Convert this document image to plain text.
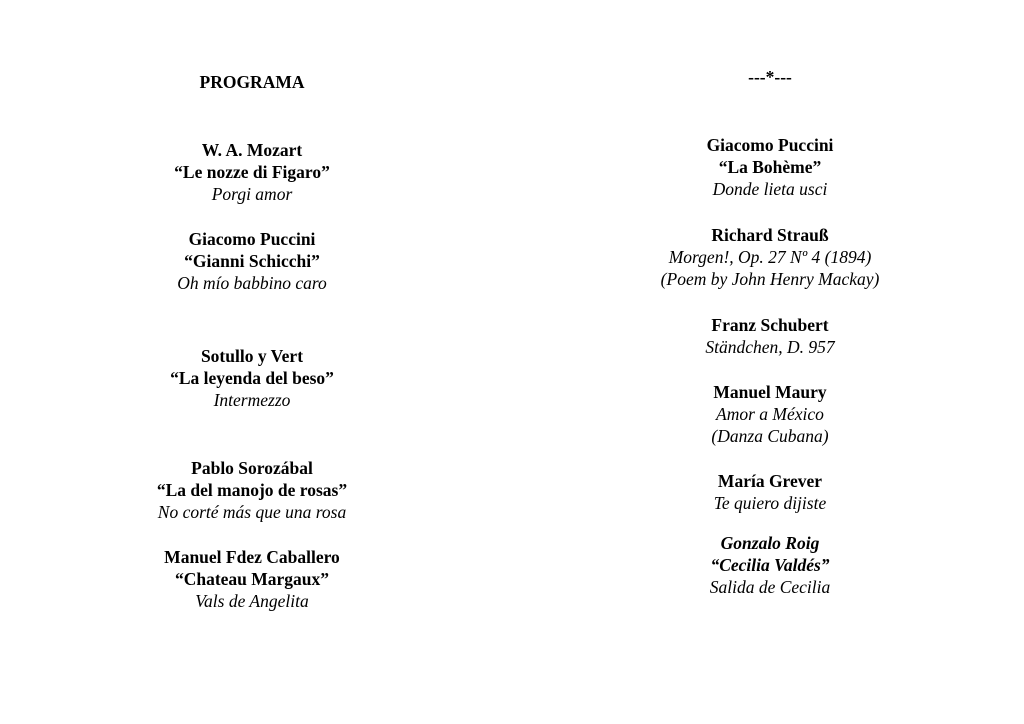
PROGRAMA
W. A. Mozart
“Le nozze di Figaro”
Porgi amor
Giacomo Puccini
“Gianni Schicchi”
Oh mío babbino caro
Sotullo y Vert
“La leyenda del beso”
Intermezzo
Pablo Sorozábal
“La del manojo de rosas”
No corté más que una rosa
Manuel Fdez Caballero
“Chateau Margaux”
Vals de Angelita
---*---
Giacomo Puccini
“La Bohème”
Donde lieta usci
Richard Strauß
Morgen!, Op. 27 Nº 4 (1894)
(Poem by John Henry Mackay)
Franz Schubert
Ständchen, D. 957
Manuel Maury
Amor a México
(Danza Cubana)
María Grever
Te quiero dijiste
Gonzalo Roig
“Cecilia Valdés”
Salida de Cecilia
